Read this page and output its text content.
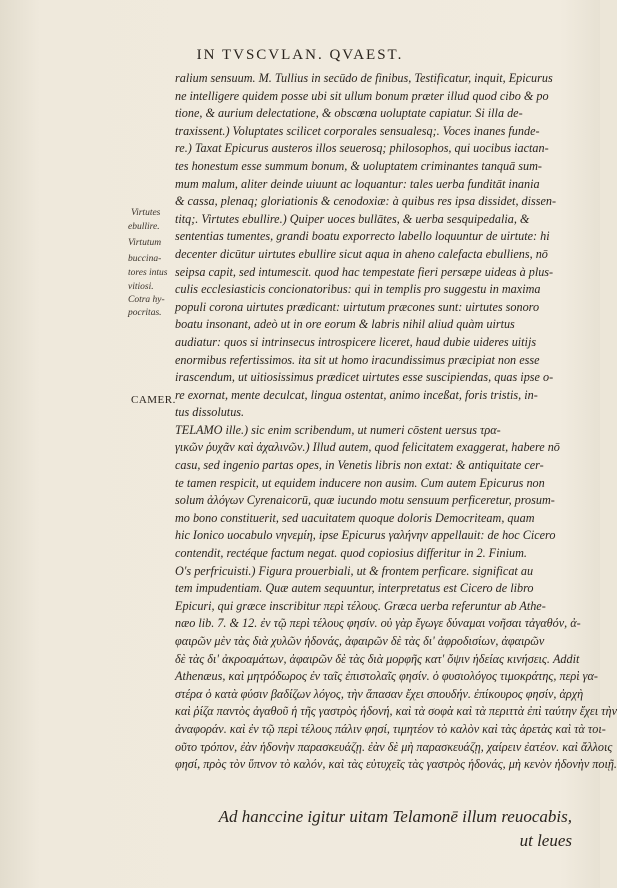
IN TVSCVLAN. QVAEST.
Virtutes
ebullire.
Virtutum
buccina-
tores intus
vitiosi.
Cotra hy-
pocritas.
CAMER.
ralium sensuum. M. Tullius in secūdo de finibus, Testificatur, inquit, Epicurus
ne intelligere quidem posse ubi sit ullum bonum præter illud quod cibo & po
tione, & aurium delectatione, & obscœna uoluptate capiatur. Si illa de-
traxissent.) Voluptates scilicet corporales sensualesq;. Voces inanes funde-
re.) Taxat Epicurus austeros illos seuerosq; philosophos, qui uocibus iactan-
tes honestum esse summum bonum, & uoluptatem criminantes tanquā sum-
mum malum, aliter deinde uiuunt ac loquantur: tales uerba funditāt inania
& cassa, plenaq; gloriationis & cenodoxiæ: à quibus res ipsa dissidet, dissen-
titq;. Virtutes ebullire.) Quiper uoces bullātes, & uerba sesquipedalia, &
sententias tumentes, grandi boatu exporrecto labello loquuntur de uirtute: hi
decenter dicūtur uirtutes ebullire sicut aqua in aheno calefacta ebulliens, nō
seipsa capit, sed intumescit. quod hac tempestate fieri persæpe uideas à plus-
culis ecclesiasticis concionatoribus: qui in templis pro suggestu in maxima
populi corona uirtutes prædicant: uirtutum præcones sunt: uirtutes sonoro
boatu insonant, adeò ut in ore eorum & labris nihil aliud quàm uirtus
audiatur: quos si intrinsecus introspicere liceret, haud dubie uideres uitijs
enormibus refertissimos. ita sit ut homo iracundissimus præcipiat non esse
irascendum, ut uitiosissimus prædicet uirtutes esse suscipiendas, quas ipse o-
re exornat, mente deculcat, lingua ostentat, animo inceßat, foris tristis, in-
tus dissolutus.
TELAMO ille.) sic enim scribendum, ut numeri cōstent uersus τρα-
γικῶν ῥυχᾶν καὶ ἀχαλινῶν.) Illud autem, quod felicitatem exaggerat, habere nō
casu, sed ingenio partas opes, in Venetis libris non extat: & antiquitate cer-
te tamen respicit, ut equidem inducere non ausim. Cum autem Epicurus non
solum ἀλόγων Cyrenaicorū, quæ iucundo motu sensuum perficeretur, prosum-
mo bono constituerit, sed uacuitatem quoque doloris Democriteam, quam
hic Ionico uocabulo νηνεμίη, ipse Epicurus γαλήνην appellauit: de hoc Cicero
contendit, rectéque factum negat. quod copiosius differitur in 2. Finium.
O's perfricuisti.) Figura prouerbiali, ut & frontem perficare. significat au
tem impudentiam. Quæ autem sequuntur, interpretatus est Cicero de libro
Epicuri, qui græce inscribitur περὶ τέλους. Græca uerba referuntur ab Athe-
næo lib. 7. & 12. ἐν τῷ περὶ τέλους φησίν. οὐ γὰρ ἔγωγε δύναμαι νοῆσαι τἀγαθόν, ἀ-
φαιρῶν μὲν τὰς διὰ χυλῶν ἡδονάς, ἀφαιρῶν δὲ τὰς δι' ἀφροδισίων, ἀφαιρῶν
δὲ τὰς δι' ἀκροαμάτων, ἀφαιρῶν δὲ τὰς διὰ μορφῆς κατ' ὄψιν ἡδείας κινήσεις. Addit
Athenæus, καὶ μητρόδωρος ἐν ταῖς ἐπιστολαῖς φησίν. ὁ φυσιολόγος τιμοκράτης, περὶ γα-
στέρα ὁ κατὰ φύσιν βαδίζων λόγος, τὴν ἅπασαν ἔχει σπουδήν. ἐπίκουρος φησίν, ἀρχὴ
καὶ ῥίζα παντὸς ἀγαθοῦ ἡ τῆς γαστρὸς ἡδονή, καὶ τὰ σοφὰ καὶ τὰ περιττὰ ἐπὶ ταύτην ἔχει τὴν
ἀναφοράν. καὶ ἐν τῷ περὶ τέλους πάλιν φησί, τιμητέον τὸ καλὸν καὶ τὰς ἀρετὰς καὶ τὰ τοι-
οῦτο τρόπον, ἐὰν ἡδονὴν παρασκευάζῃ. ἐὰν δὲ μὴ παρασκευάζῃ, χαίρειν ἐατέον. καὶ ἄλλοις
φησί, πρὸς τὸν ὕπνον τὸ καλόν, καὶ τὰς εὐτυχεῖς τὰς γαστρὸς ἡδονάς, μὴ κενὸν ἡδονὴν ποιῇ.
Ad hanccine igitur uitam Telamonē illum reuocabis,
ut leues
